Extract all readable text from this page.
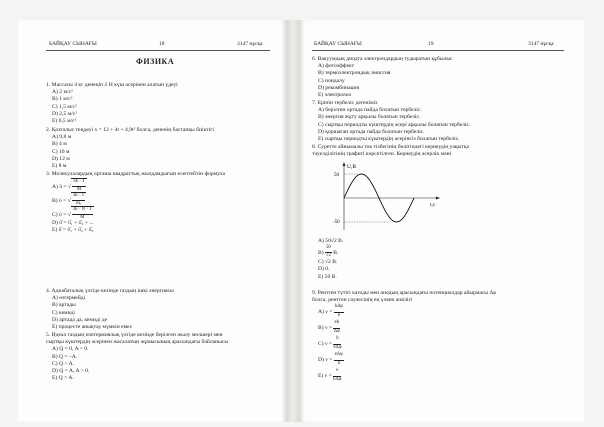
БАЙҚАУ СЫНАҒЫ	18	3147 нұсқа
ФИЗИКА
1. Массасы 4 кг денеңіп 2 Н күш әсерінен алатын үдеуі
A) 2 м/с²
B) 1 м/с²
C) 1,5 м/с²
D) 2,5 м/с²
E) 0,5 м/с²
2. Қозғалыс теңдеуі x = 12 + 4t + 4,9t² болса, дененің бастапқы биіктігі
A) 9,8 м
B) 4 м
C) 10 м
D) 12 м
E) 8 м
3. Молекулалардың орташа квадраттық жылдамдығын есептейтін формула
A) ῡ = √ $\frac{3k \cdot T}{M}$
B) ῡ = √ $\frac{3k \cdot T}{\text{mₒ}}$
C) ῡ = √ $\frac{3k \cdot N \cdot T}{M}$
D) ῡ̄ = ῡ̄₁ + ῡ̄₂ + ...
E) ῡ̄ = ῡ̄₁ + ῡ̄₂ + ῡ̄₃
4. Адиабаталық үлгіде кезінде газдың ішкі энергиясы
A) өзгермейді
B) артады
C) кемиді
D) артада да, кемиді де
E) процесте анықтау мүмкін емес
5. Идеал газдың изотермиялық үлгіде кезінде берілген жылу мөлшері мен
сыртқы күштердің әсерінен жасалатын жұмысының арасындағы байланысы
A) Q = 0, A < 0.
B) Q = –A.
C) Q < A.
D) Q = A, A > 0.
E) Q > A.
БАЙҚАУ СЫНАҒЫ	19	3147 нұсқа
6. Вакуумдық диодта электрондардың тудыратын құбылыс
A) фотоэффект
B) термоэлектрондық эмиссия
C) иондалу
D) рекомбинация
E) электролиз
7. Еріпін тербеліс дегеніміз
A) берілген ортада пайда болатын тербеліс.
B) энергия жұту арқылы болатын тербеліс.
C) сыртқы периодты күштердің әсері арқылы болатын тербеліс.
D) қоршаған ортада пайда болатын тербеліс.
E) сыртқы периодты күштердің әсерінсіз болатын тербеліс.
8. Суретте айнымалы ток тізбегінің бөлігіндегі кернеудің уақытқа
тәуелділігінің графигі көрсетілген. Кернеудің әсерлік мәні
U,B
t,c
50
-50
A) 50√2 В.
$B) \frac{50}{√2} В$.
C) √2 В.
D) 0.
E) 50 В.
9. Рентген түтігі катоды мен анодың арасындағы потенциалдар айырмасы Δφ
болса, рентген сәулесінің ең үлкен жиілігі
A) $\nu = \frac{\text{hΔφ}}{e}$
B) $\nu = \frac{eh}{\Delta\varphi}$
C) $\nu = \frac{h}{\text{eΔφ}}$
D) $\nu = \frac{\text{eΔφ}}{h}$
E) $\nu = \frac{e}{\text{hΔφ}}$
